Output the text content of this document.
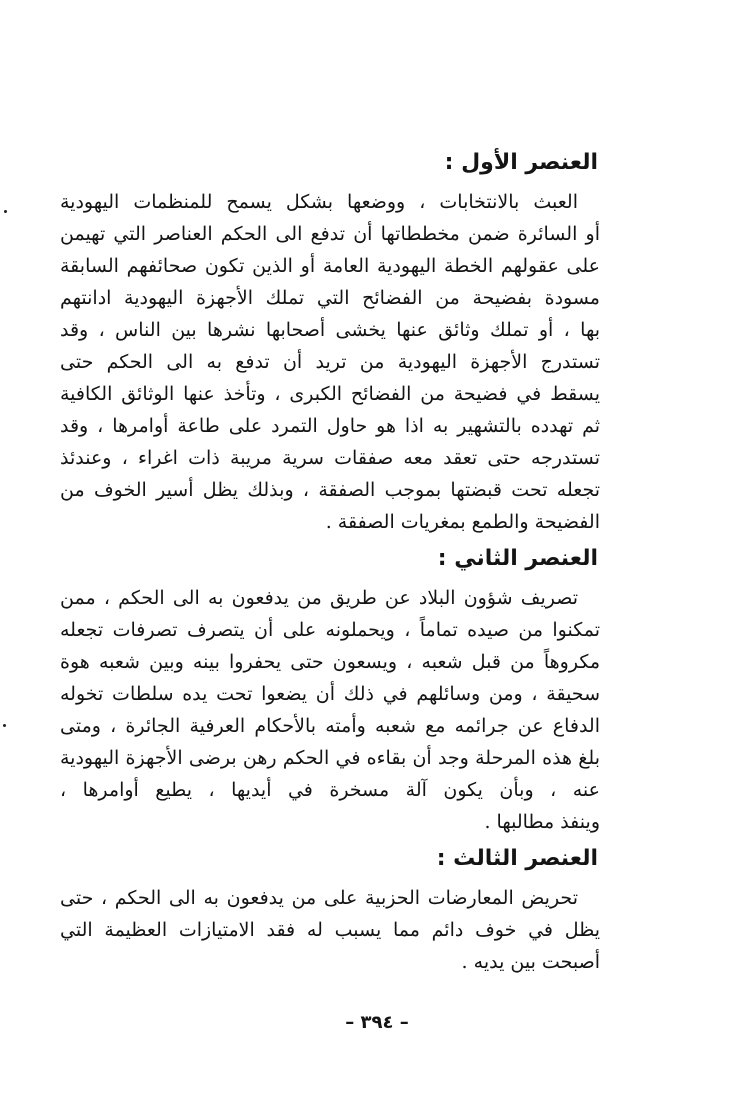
العنصر الأول :
العبث بالانتخابات ، ووضعها بشكل يسمح للمنظمات اليهودية
أو السائرة ضمن مخططاتها أن تدفع الى الحكم العناصر التي تهيمن
على عقولهم الخطة اليهودية العامة أو الذين تكون صحائفهم السابقة
مسودة بفضيحة من الفضائح التي تملك الأجهزة اليهودية ادانتهم
بها ، أو تملك وثائق عنها يخشى أصحابها نشرها بين الناس ، وقد
تستدرج الأجهزة اليهودية من تريد أن تدفع به الى الحكم حتى
يسقط في فضيحة من الفضائح الكبرى ، وتأخذ عنها الوثائق الكافية
ثم تهدده بالتشهير به اذا هو حاول التمرد على طاعة أوامرها ، وقد
تستدرجه حتى تعقد معه صفقات سرية مريبة ذات اغراء ، وعندئذ
تجعله تحت قبضتها بموجب الصفقة ، وبذلك يظل أسير الخوف من
الفضيحة والطمع بمغريات الصفقة .
العنصر الثاني :
تصريف شؤون البلاد عن طريق من يدفعون به الى الحكم ، ممن
تمكنوا من صيده تماماً ، ويحملونه على أن يتصرف تصرفات تجعله
مكروهاً من قبل شعبه ، ويسعون حتى يحفروا بينه وبين شعبه هوة
سحيقة ، ومن وسائلهم في ذلك أن يضعوا تحت يده سلطات تخوله
الدفاع عن جرائمه مع شعبه وأمته بالأحكام العرفية الجائرة ، ومتى
بلغ هذه المرحلة وجد أن بقاءه في الحكم رهن برضى الأجهزة اليهودية
عنه ، وبأن يكون آلة مسخرة في أيديها ، يطيع أوامرها ،
وينفذ مطالبها .
العنصر الثالث :
تحريض المعارضات الحزبية على من يدفعون به الى الحكم ، حتى
يظل في خوف دائم مما يسبب له فقد الامتيازات العظيمة التي
أصبحت بين يديه .
– ٣٩٤ –
